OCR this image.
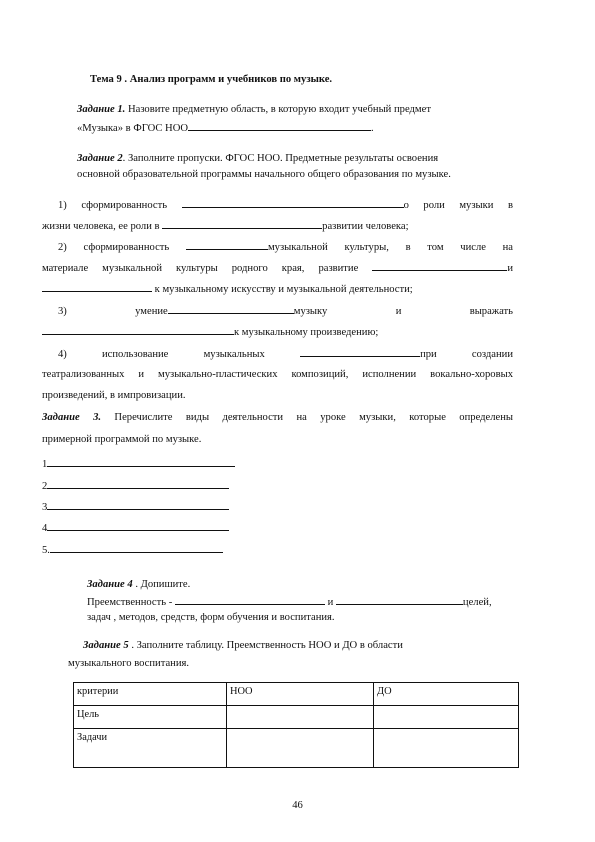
Тема 9 . Анализ программ и учебников по музыке.
Задание 1. Назовите предметную область, в которую входит учебный предмет
«Музыка» в ФГОС НОО	.
Задание 2. Заполните пропуски. ФГОС НОО. Предметные результаты освоения
основной образовательной программы начального общего образования по музыке.
1) сформированность	о роли музыки в
жизни человека, ее роли в	развитии человека;
2) сформированность	музыкальной культуры, в том числе на
материале музыкальной культуры родного края, развитие	и
к музыкальному искусству и музыкальной деятельности;
3) умение	музыку	и	выражать
к музыкальному произведению;
4) использование	музыкальных	при	создании
театрализованных и музыкально-пластических композиций, исполнении вокально-хоровых
произведений, в импровизации.
Задание 3. Перечислите виды деятельности на уроке музыки, которые определены
примерной программой по музыке.
1
2
3
4
5.
Задание 4 . Допишите.
Преемственность -	и	целей,
задач , методов, средств, форм обучения и воспитания.
Задание 5 . Заполните таблицу. Преемственность НОО и ДО в области
музыкального воспитания.
критерии	НОО	ДО
Цель		
Задачи		
46
